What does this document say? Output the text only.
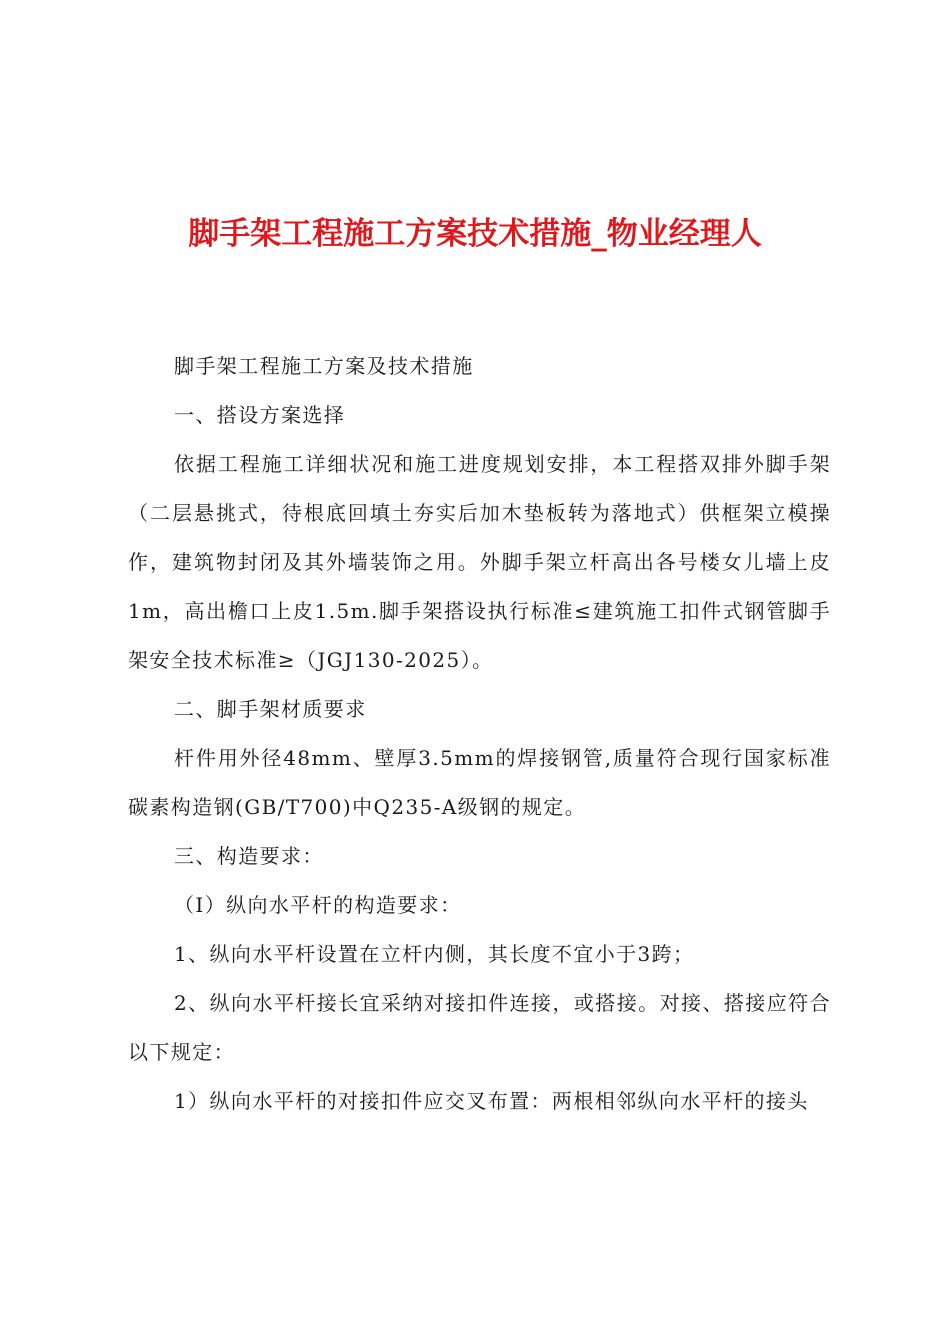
脚手架工程施工方案技术措施_物业经理人

脚手架工程施工方案及技术措施

一、搭设方案选择

依据工程施工详细状况和施工进度规划安排，本工程搭双排外脚手架（二层悬挑式，待根底回填土夯实后加木垫板转为落地式）供框架立模操作，建筑物封闭及其外墙装饰之用。外脚手架立杆高出各号楼女儿墙上皮1m，高出檐口上皮1.5m.脚手架搭设执行标准≤建筑施工扣件式钢管脚手架安全技术标准≥（JGJ130-2025）。

二、脚手架材质要求

杆件用外径48mm、壁厚3.5mm的焊接钢管,质量符合现行国家标准碳素构造钢(GB/T700)中Q235-A级钢的规定。

三、构造要求：

（Ⅰ）纵向水平杆的构造要求：

1、纵向水平杆设置在立杆内侧，其长度不宜小于3跨；

2、纵向水平杆接长宜采纳对接扣件连接，或搭接。对接、搭接应符合以下规定：

1）纵向水平杆的对接扣件应交叉布置：两根相邻纵向水平杆的接头
